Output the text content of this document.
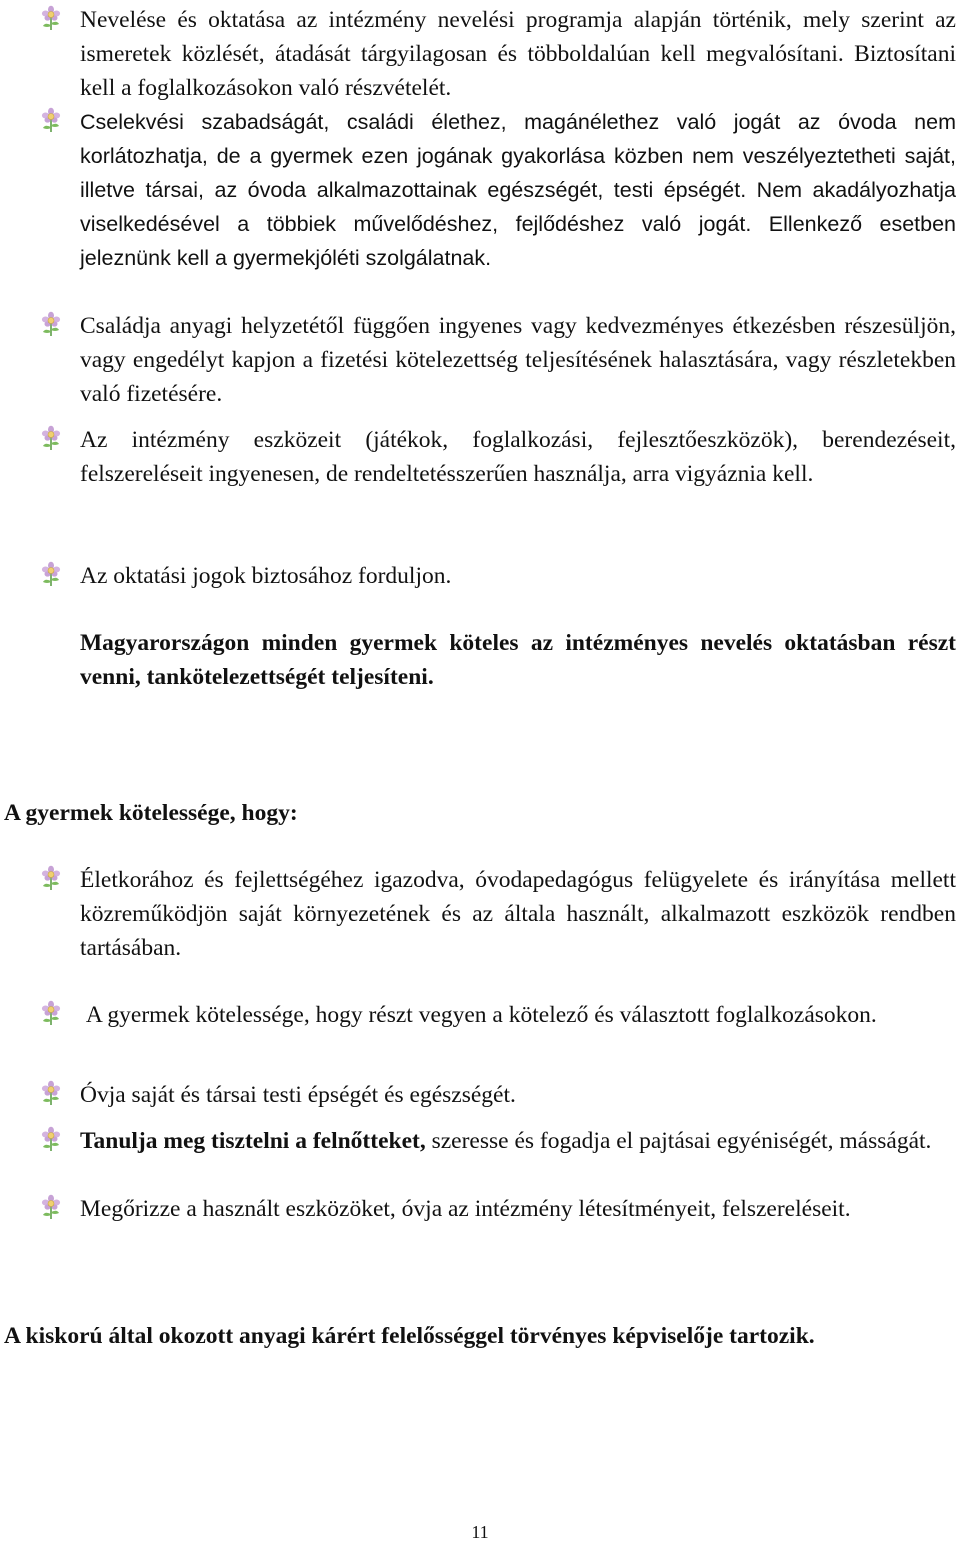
Nevelése és oktatása az intézmény nevelési programja alapján történik, mely szerint az ismeretek közlését, átadását tárgyilagosan és többoldalúan kell megvalósítani. Biztosítani kell a foglalkozásokon való részvételét.
Cselekvési szabadságát, családi élethez, magánélethez való jogát az óvoda nem korlátozhatja, de a gyermek ezen jogának gyakorlása közben nem veszélyeztetheti saját, illetve társai, az óvoda alkalmazottainak egészségét, testi épségét. Nem akadályozhatja viselkedésével a többiek művelődéshez, fejlődéshez való jogát. Ellenkező esetben jeleznünk kell a gyermekjóléti szolgálatnak.
Családja anyagi helyzetétől függően ingyenes vagy kedvezményes étkezésben részesüljön, vagy engedélyt kapjon a fizetési kötelezettség teljesítésének halasztására, vagy részletekben való fizetésére.
Az intézmény eszközeit (játékok, foglalkozási, fejlesztőeszközök), berendezéseit, felszereléseit ingyenesen, de rendeltetésszerűen használja, arra vigyáznia kell.
Az oktatási jogok biztosához forduljon.
Magyarországon minden gyermek köteles az intézményes nevelés oktatásban részt venni, tankötelezettségét teljesíteni.
A gyermek kötelessége, hogy:
Életkorához és fejlettségéhez igazodva, óvodapedagógus felügyelete és irányítása mellett közreműködjön saját környezetének és az általa használt, alkalmazott eszközök rendben tartásában.
A gyermek kötelessége, hogy részt vegyen a kötelező és választott foglalkozásokon.
Óvja saját és társai testi épségét és egészségét.
Tanulja meg tisztelni a felnőtteket, szeresse és fogadja el pajtásai egyéniségét, másságát.
Megőrizze a használt eszközöket, óvja az intézmény létesítményeit, felszereléseit.
A kiskorú által okozott anyagi kárért felelősséggel törvényes képviselője tartozik.
11
